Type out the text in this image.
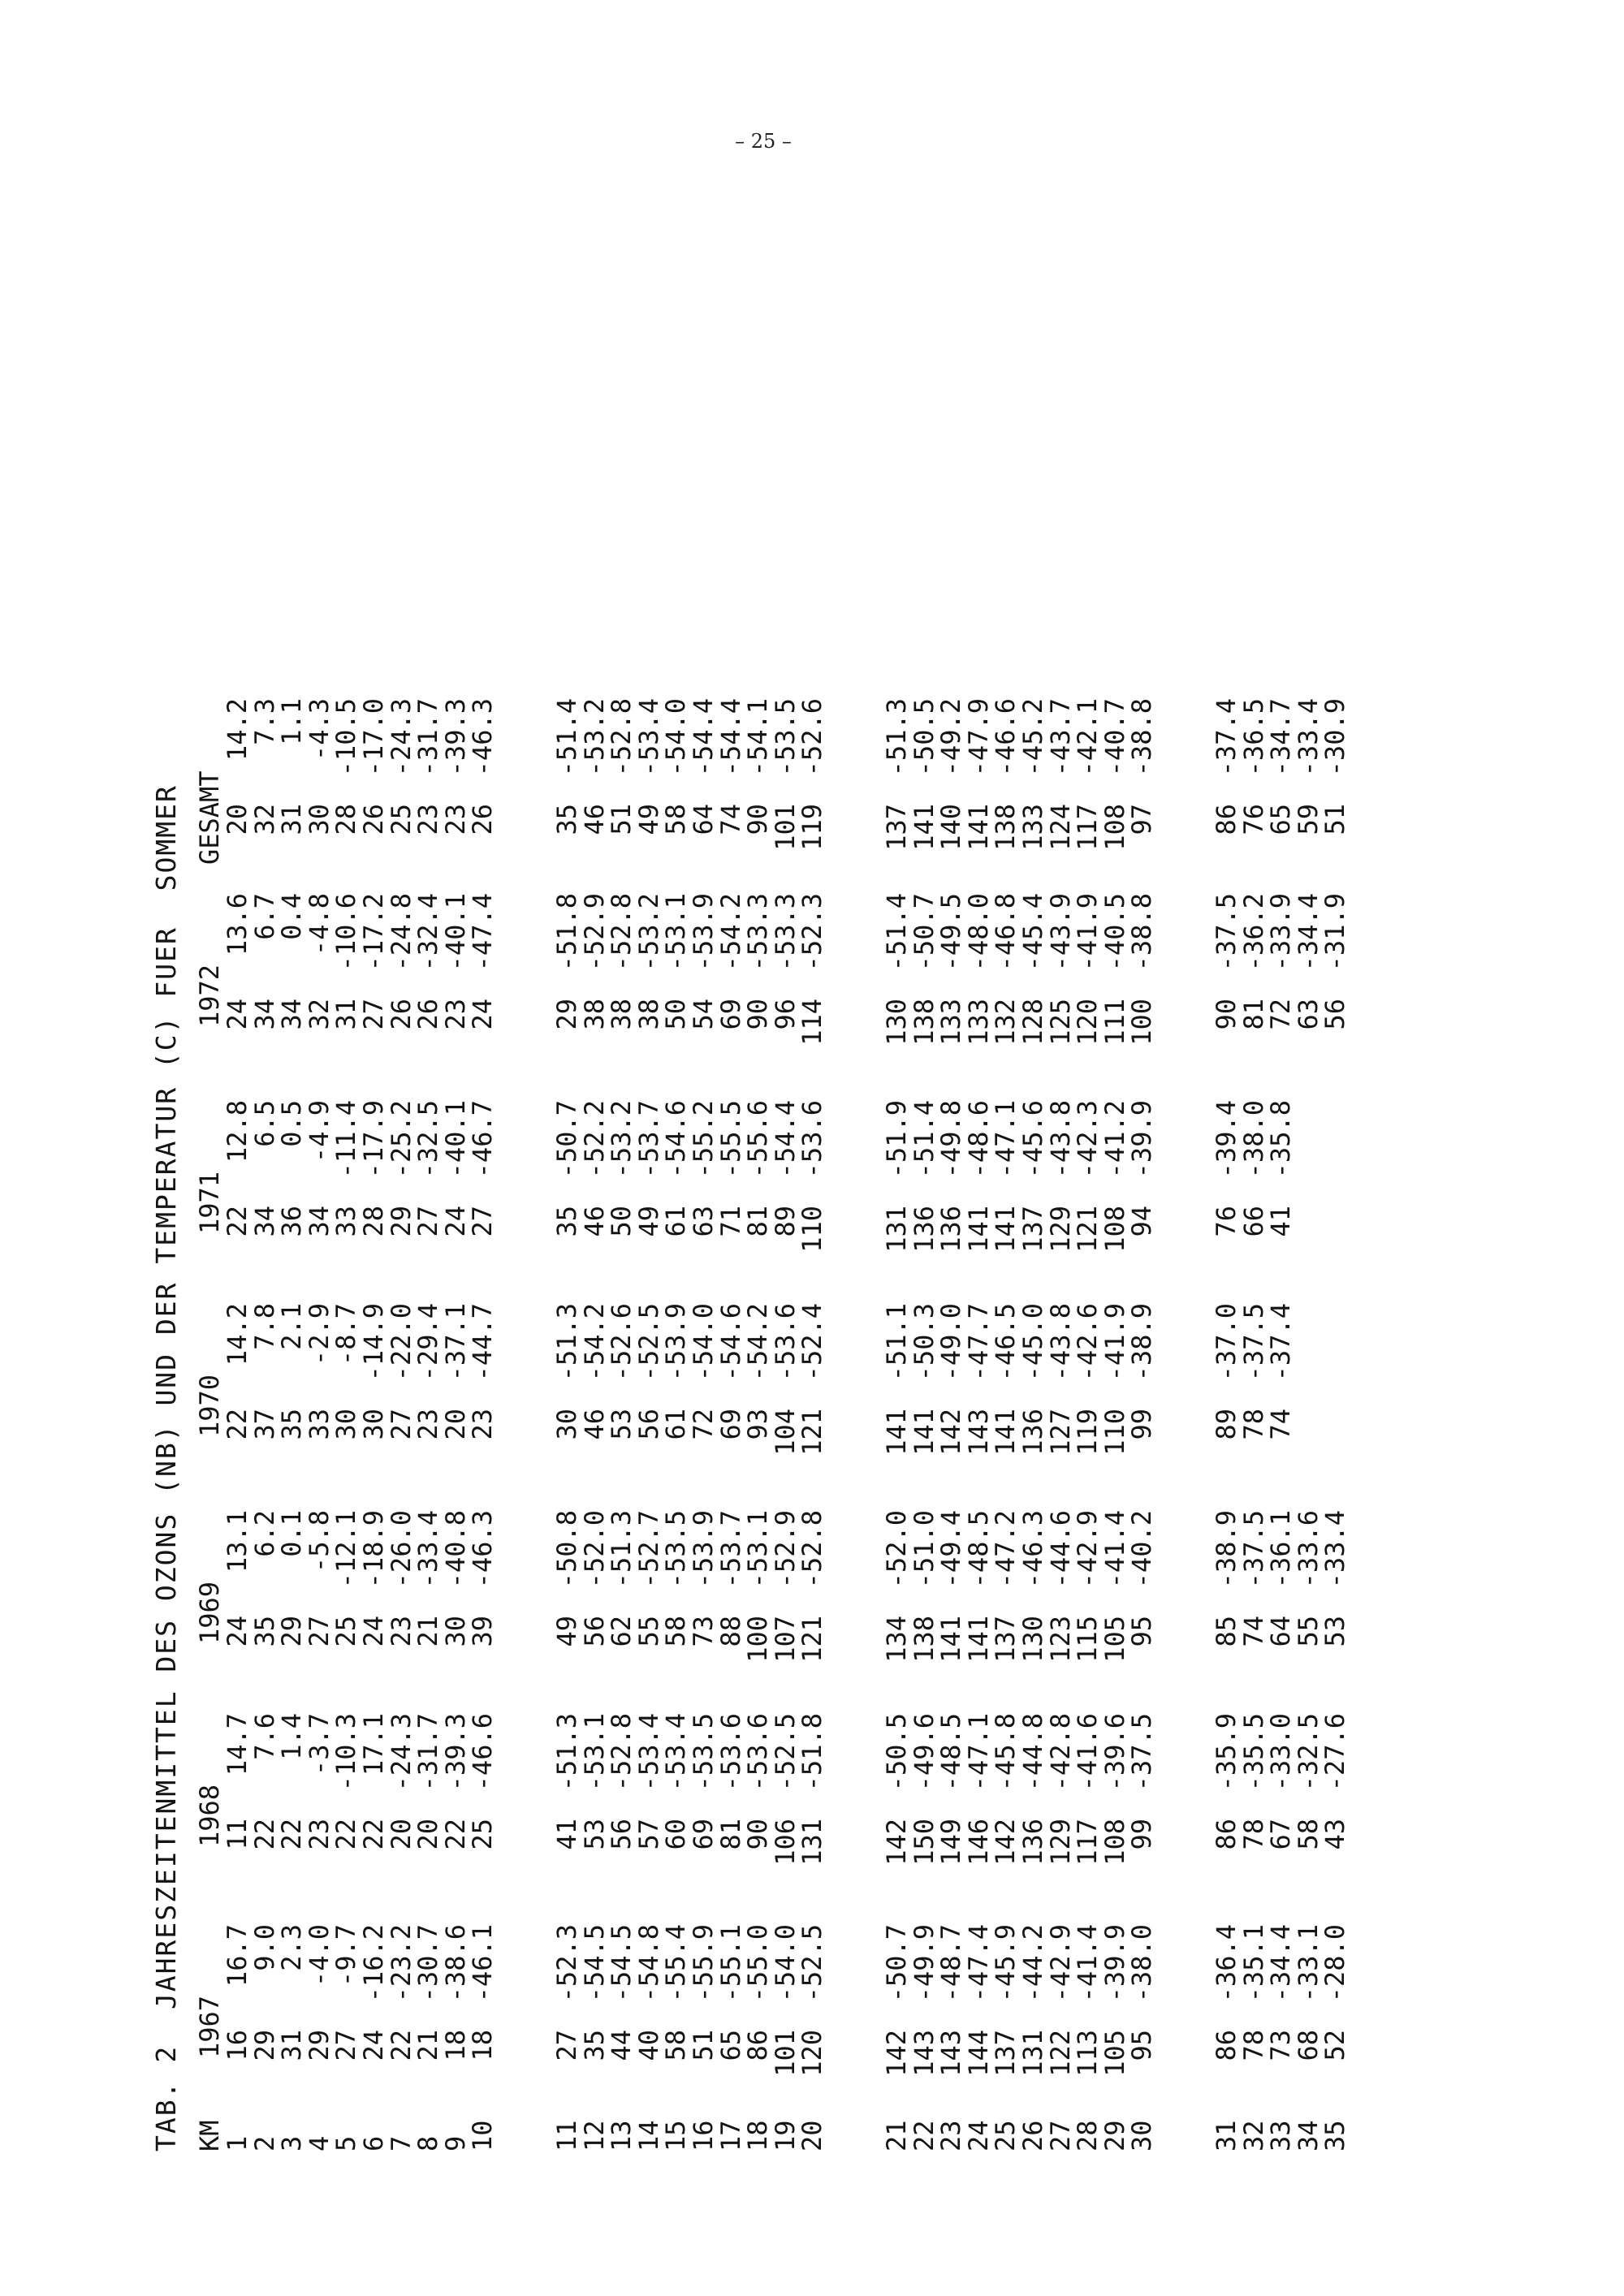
– 25 –
TAB. 2  JAHRESZEITENMITTEL DES OZONS (NB) UND DER TEMPERATUR (C) FUER  SOMMER KM
1
2
3
4
5
6
7
8
9
10 11
12
13
14
15
16
17
18
19
20 21
22
23
24
25
26
27
28
29
30 31
32
33
34
35
1967
16
16.7
29
9.0
31
2.3
29
-4.0
27
-9.7
24
-16.2
22
-23.2
21
-30.7
18
-38.6
18
-46.1
27
-52.3
35
-54.5
44
-54.5
40
-54.8
58
-55.4
51
-55.9
65
-55.1
86
-55.0
101
-54.0
120
-52.5
142
-50.7
143
-49.9
143
-48.7
144
-47.4
137
-45.9
131
-44.2
122
-42.9
113
-41.4
105
-39.9
95
-38.0
86
-36.4
78
-35.1
73
-34.4
68
-33.1
52
-28.0
1968
11
14.7
22
7.6
22
1.4
23
-3.7
22
-10.3
22
17.1
20
-24.3
20
-31.7
22
-39.3
25
-46.6
41
-51.3
53
-53.1
56
-52.8
57
-53.4
60
-53.4
69
-53.5
81
-53.6
90
-53.6
106
-52.5
131
-51.8
142
-50.5
150
-49.6
149
-48.5
146
-47.1
142
-45.8
136
-44.8
129
-42.8
117
-41.6
108
-39.6
99
-37.5
86
-35.9
78
-35.5
67
-33.0
58
-32.5
43
-27.6
1969
24
13.1
35
6.2
29
0.1
27
-5.8
25
-12.1
24
-18.9
23
-26.0
21
-33.4
30
-40.8
39
-46.3
49
-50.8
56
-52.0
62
-51.3
55
-52.7
58
-53.5
73
-53.9
88
-53.7
100
-53.1
107
-52.9
121
-52.8
134
-52.0
138
-51.0
141
-49.4
141
-48.5
137
-47.2
130
-46.3
123
-44.6
115
-42.9
105
-41.4
95
-40.2
85
-38.9
74
-37.5
64
-36.1
55
-33.6
53
-33.4
1970
22
14.2
37
7.8
35
2.1
33
-2.9
30
-8.7
30
-14.9
27
-22.0
23
-29.4
20
-37.1
23
-44.7
30
-51.3
46
-54.2
53
-52.6
56
-52.5
61
-53.9
72
-54.0
69
-54.6
93
-54.2
104
-53.6
121
-52.4
141
-51.1
141
-50.3
142
-49.0
143
-47.7
141
-46.5
136
-45.0
127
-43.8
119
-42.6
110
-41.9
99
-38.9
89
-37.0
78
-37.5
74
-37.4
1971
22
12.8
34
6.5
36
0.5
34
-4.9
33
-11.4
28
-17.9
29
-25.2
27
-32.5
24
-40.1
27
-46.7
35
-50.7
46
-52.2
50
-53.2
49
-53.7
61
-54.6
63
-55.2
71
-55.5
81
-55.6
89
-54.4
110
-53.6
131
-51.9
136
-51.4
136
-49.8
141
-48.6
141
-47.1
137
-45.6
129
-43.8
121
-42.3
108
-41.2
94
-39.9
76
-39.4
66
-38.0
41
-35.8
1972
24
13.6
34
6.7
34
0.4
32
-4.8
31
-10.6
27
-17.2
26
-24.8
26
-32.4
23
-40.1
24
-47.4
29
-51.8
38
-52.9
38
-52.8
38
-53.2
50
-53.1
54
-53.9
69
-54.2
90
-53.3
96
-53.3
114
-52.3
130
-51.4
138
-50.7
133
-49.5
133
-48.0
132
-46.8
128
-45.4
125
-43.9
120
-41.9
111
-40.5
100
-38.8
90
-37.5
81
-36.2
72
-33.9
63
-34.4
56
-31.9
GESAMT
20
14.2
32
7.3
31
1.1
30
-4.3
28
-10.5
26
-17.0
25
-24.3
23
-31.7
23
-39.3
26
-46.3
35
-51.4
46
-53.2
51
-52.8
49
-53.4
58
-54.0
64
-54.4
74
-54.4
90
-54.1
101
-53.5
119
-52.6
137
-51.3
141
-50.5
140
-49.2
141
-47.9
138
-46.6
133
-45.2
124
-43.7
117
-42.1
108
-40.7
97
-38.8
86
-37.4
76
-36.5
65
-34.7
59
-33.4
51
-30.9
